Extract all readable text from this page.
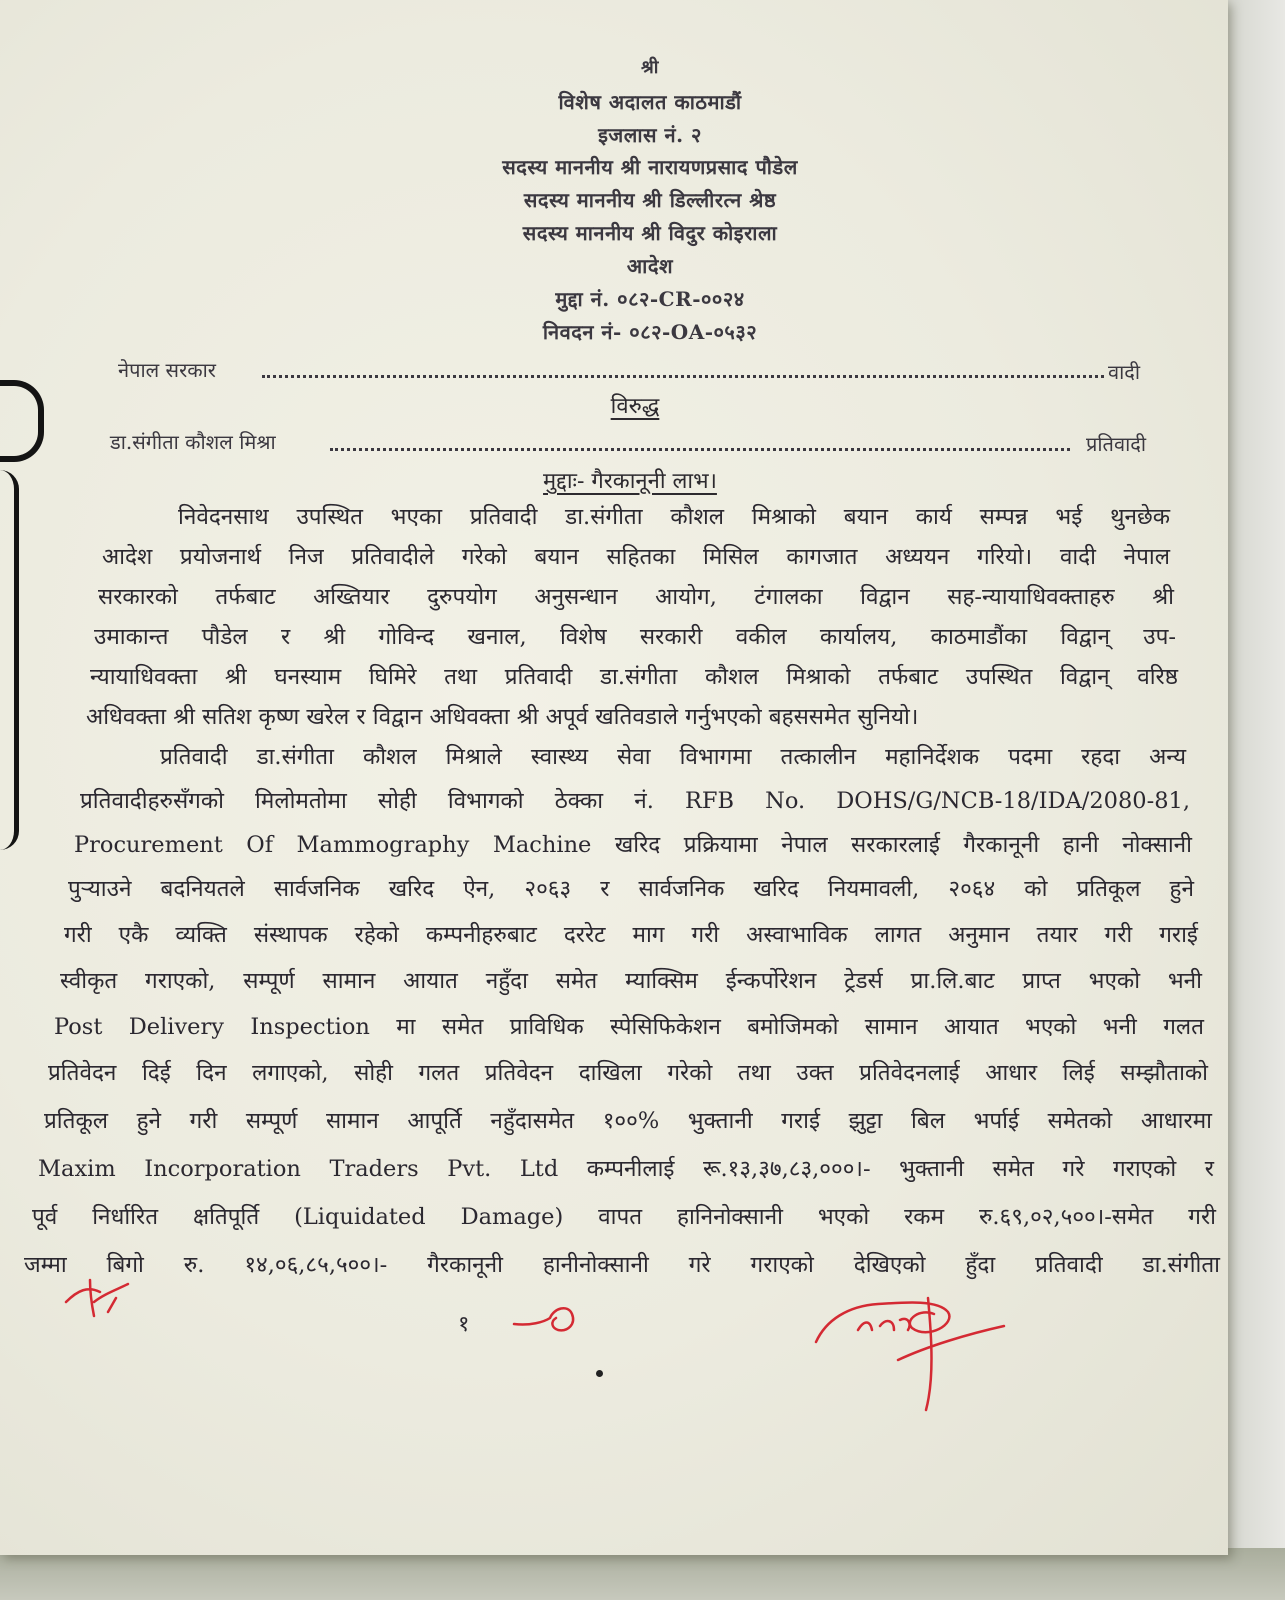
श्री
विशेष अदालत काठमाडौं
इजलास नं. २
सदस्य माननीय श्री नारायणप्रसाद पौडेल
सदस्य माननीय श्री डिल्लीरत्न श्रेष्ठ
सदस्य माननीय श्री विदुर कोइराला
आदेश
मुद्दा नं. ०८२-CR-००२४
निवदन नं- ०८२-OA-०५३२
नेपाल सरकार	वादी
विरुद्ध
डा.संगीता कौशल मिश्रा	प्रतिवादी
मुद्दाः- गैरकानूनी लाभ।
निवेदनसाथ उपस्थित भएका प्रतिवादी डा.संगीता कौशल मिश्राको बयान कार्य सम्पन्न भई थुनछेक
आदेश प्रयोजनार्थ निज प्रतिवादीले गरेको बयान सहितका मिसिल कागजात अध्ययन गरियो। वादी नेपाल
सरकारको तर्फबाट अख्तियार दुरुपयोग अनुसन्धान आयोग, टंगालका विद्वान सह-न्यायाधिवक्ताहरु श्री
उमाकान्त पौडेल र श्री गोविन्द खनाल, विशेष सरकारी वकील कार्यालय, काठमाडौंका विद्वान् उप-
न्यायाधिवक्ता श्री घनस्याम घिमिरे तथा प्रतिवादी डा.संगीता कौशल मिश्राको तर्फबाट उपस्थित विद्वान् वरिष्ठ
अधिवक्ता श्री सतिश कृष्ण खरेल र विद्वान अधिवक्ता श्री अपूर्व खतिवडाले गर्नुभएको बहससमेत सुनियो।
प्रतिवादी डा.संगीता कौशल मिश्राले स्वास्थ्य सेवा विभागमा तत्कालीन महानिर्देशक पदमा रहदा अन्य
प्रतिवादीहरुसँगको मिलोमतोमा सोही विभागको ठेक्का नं. RFB No. DOHS/G/NCB-18/IDA/2080-81,
Procurement Of Mammography Machine खरिद प्रक्रियामा नेपाल सरकारलाई गैरकानूनी हानी नोक्सानी
पुऱ्याउने बदनियतले सार्वजनिक खरिद ऐन, २०६३ र सार्वजनिक खरिद नियमावली, २०६४ को प्रतिकूल हुने
गरी एकै व्यक्ति संस्थापक रहेको कम्पनीहरुबाट दररेट माग गरी अस्वाभाविक लागत अनुमान तयार गरी गराई
स्वीकृत गराएको, सम्पूर्ण सामान आयात नहुँदा समेत म्याक्सिम ईन्कर्पोरेशन ट्रेडर्स प्रा.लि.बाट प्राप्त भएको भनी
Post Delivery Inspection मा समेत प्राविधिक स्पेसिफिकेशन बमोजिमको सामान आयात भएको भनी गलत
प्रतिवेदन दिई दिन लगाएको, सोही गलत प्रतिवेदन दाखिला गरेको तथा उक्त प्रतिवेदनलाई आधार लिई सम्झौताको
प्रतिकूल हुने गरी सम्पूर्ण सामान आपूर्ति नहुँदासमेत १००% भुक्तानी गराई झुट्टा बिल भर्पाई समेतको आधारमा
Maxim Incorporation Traders Pvt. Ltd कम्पनीलाई रू.१३,३७,८३,०००।- भुक्तानी समेत गरे गराएको र
पूर्व निर्धारित क्षतिपूर्ति (Liquidated Damage) वापत हानिनोक्सानी भएको रकम रु.६९,०२,५००।-समेत गरी
जम्मा बिगो रु. १४,०६,८५,५००।- गैरकानूनी हानीनोक्सानी गरे गराएको देखिएको हुँदा प्रतिवादी डा.संगीता
१
